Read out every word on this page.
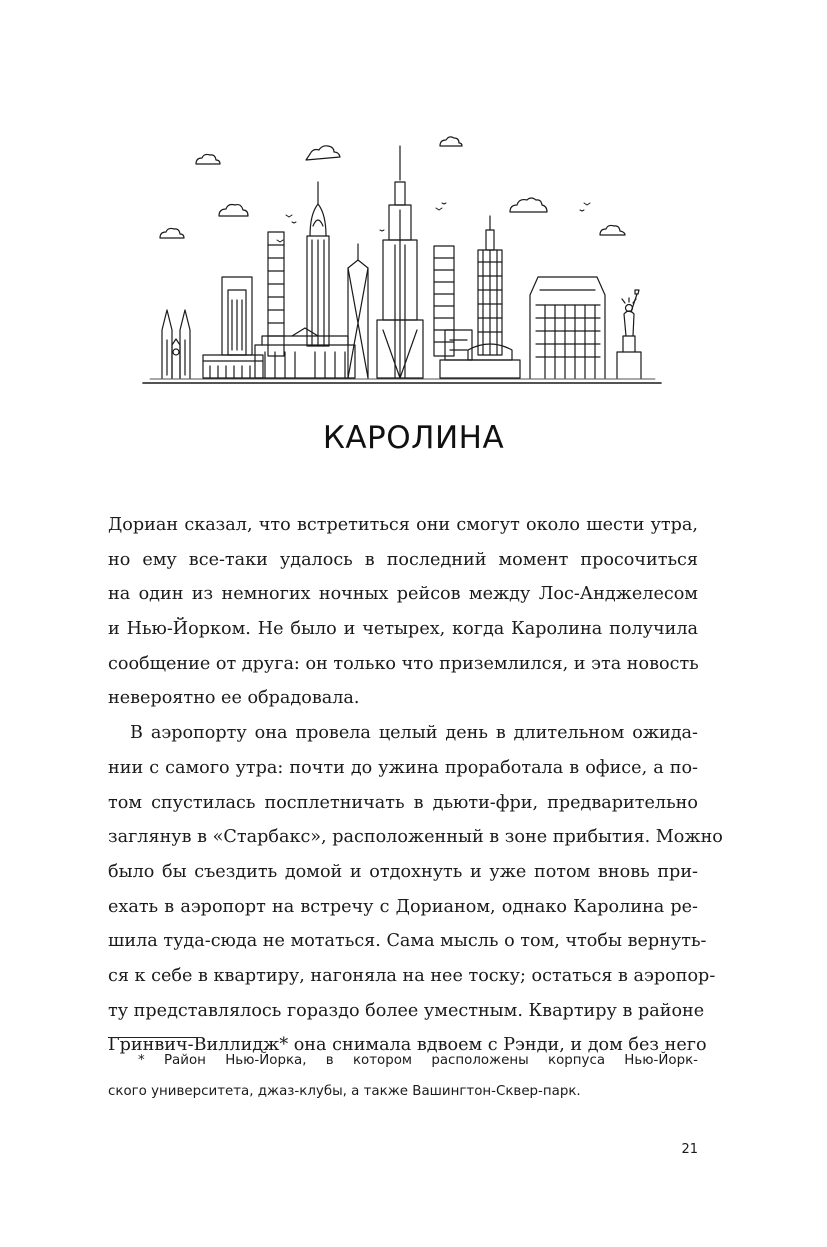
КАРОЛИНА
Дориан сказал, что встретиться они смогут около шести утра,
но ему все-таки удалось в последний момент просочиться
на один из немногих ночных рейсов между Лос-Анджелесом
и Нью-Йорком. Не было и четырех, когда Каролина получила
сообщение от друга: он только что приземлился, и эта новость
невероятно ее обрадовала.
В аэропорту она провела целый день в длительном ожида-
нии с самого утра: почти до ужина проработала в офисе, а по-
том спустилась посплетничать в дьюти-фри, предварительно
заглянув в «Старбакс», расположенный в зоне прибытия. Можно
было бы съездить домой и отдохнуть и уже потом вновь при-
ехать в аэропорт на встречу с Дорианом, однако Каролина ре-
шила туда-сюда не мотаться. Сама мысль о том, чтобы вернуть-
ся к себе в квартиру, нагоняла на нее тоску; остаться в аэропор-
ту представлялось гораздо более уместным. Квартиру в районе
Гринвич-Виллидж* она снимала вдвоем с Рэнди, и дом без него
* Район Нью-Йорка, в котором расположены корпуса Нью-Йорк-
ского университета, джаз-клубы, а также Вашингтон-Сквер-парк.
21
